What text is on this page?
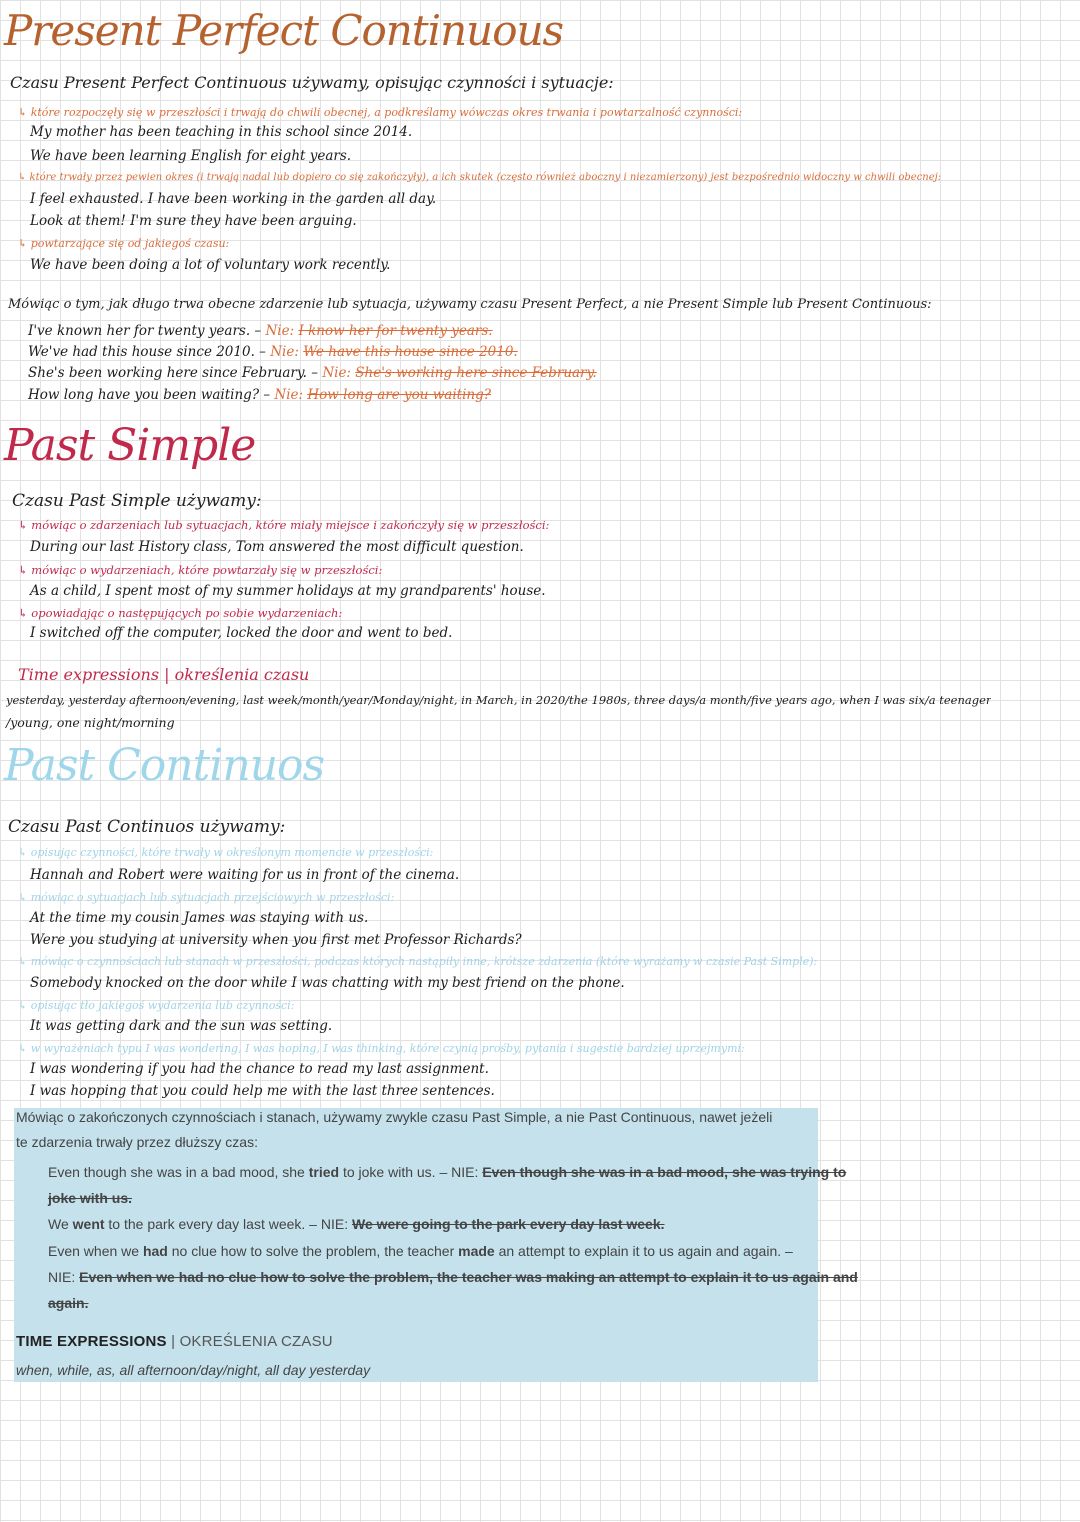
Present Perfect Continuous

Czasu Present Perfect Continuous używamy, opisując czynności i sytuacje:

↳ które rozpoczęły się w przeszłości i trwają do chwili obecnej, a podkreślamy wówczas okres trwania i powtarzalność czynności:

My mother has been teaching in this school since 2014.

We have been learning English for eight years.

↳ które trwały przez pewien okres (i trwają nadal lub dopiero co się zakończyły), a ich skutek (często również aboczny i niezamierzony) jest bezpośrednio widoczny w chwili obecnej:

I feel exhausted. I have been working in the garden all day.

Look at them! I'm sure they have been arguing.

↳ powtarzające się od jakiegoś czasu:

We have been doing a lot of voluntary work recently.

Mówiąc o tym, jak długo trwa obecne zdarzenie lub sytuacja, używamy czasu Present Perfect, a nie Present Simple lub Present Continuous:

I've known her for twenty years. – Nie: I know her for twenty years.

We've had this house since 2010. – Nie: We have this house since 2010.

She's been working here since February. – Nie: She's working here since February.

How long have you been waiting? – Nie: How long are you waiting?

Past Simple

Czasu Past Simple używamy:

↳ mówiąc o zdarzeniach lub sytuacjach, które miały miejsce i zakończyły się w przeszłości:

During our last History class, Tom answered the most difficult question.

↳ mówiąc o wydarzeniach, które powtarzały się w przeszłości:

As a child, I spent most of my summer holidays at my grandparents' house.

↳ opowiadając o następujących po sobie wydarzeniach:

I switched off the computer, locked the door and went to bed.

Time expressions | określenia czasu

yesterday, yesterday afternoon/evening, last week/month/year/Monday/night, in March, in 2020/the 1980s, three days/a month/five years ago, when I was six/a teenager

/young, one night/morning

Past Continuos

Czasu Past Continuos używamy:

↳ opisując czynności, które trwały w określonym momencie w przeszłości:

Hannah and Robert were waiting for us in front of the cinema.

↳ mówiąc o sytuacjach lub sytuacjach przejściowych w przeszłości:

At the time my cousin James was staying with us.

Were you studying at university when you first met Professor Richards?

↳ mówiąc o czynnościach lub stanach w przeszłości, podczas których nastąpiły inne, krótsze zdarzenia (które wyrażamy w czasie Past Simple):

Somebody knocked on the door while I was chatting with my best friend on the phone.

↳ opisując tło jakiegoś wydarzenia lub czynności:

It was getting dark and the sun was setting.

↳ w wyrażeniach typu I was wondering, I was hoping, I was thinking, które czynią prośby, pytania i sugestie bardziej uprzejmymi:

I was wondering if you had the chance to read my last assignment.

I was hopping that you could help me with the last three sentences.

Mówiąc o zakończonych czynnościach i stanach, używamy zwykle czasu Past Simple, a nie Past Continuous, nawet jeżeli

te zdarzenia trwały przez dłuższy czas:

Even though she was in a bad mood, she tried to joke with us. – NIE: Even though she was in a bad mood, she was trying to

joke with us.

We went to the park every day last week. – NIE: We were going to the park every day last week.

Even when we had no clue how to solve the problem, the teacher made an attempt to explain it to us again and again. –

NIE: Even when we had no clue how to solve the problem, the teacher was making an attempt to explain it to us again and

again.

TIME EXPRESSIONS | OKREŚLENIA CZASU

when, while, as, all afternoon/day/night, all day yesterday
